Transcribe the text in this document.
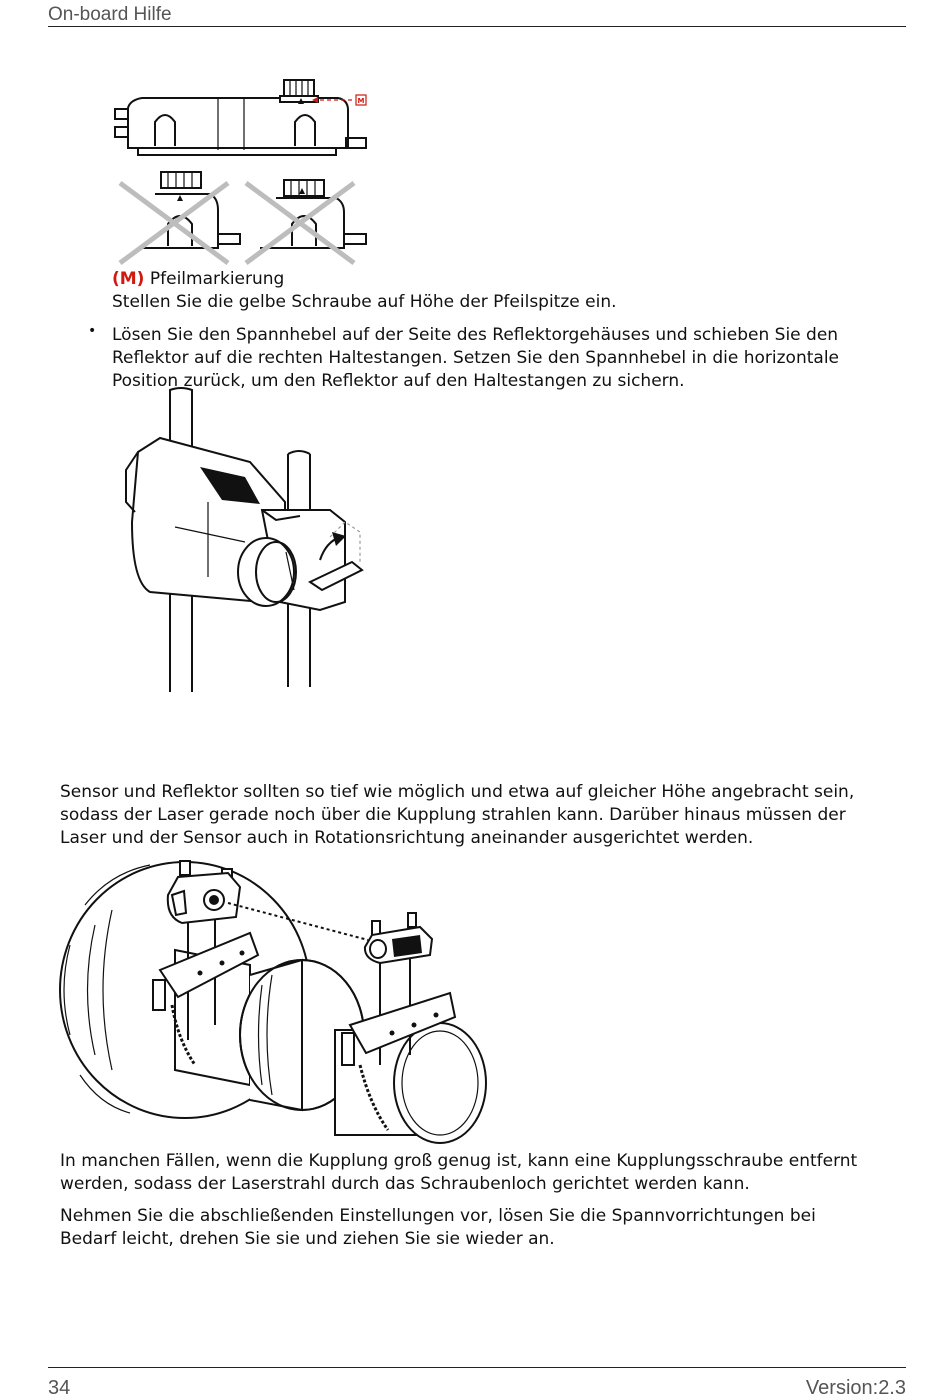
On-board Hilfe
M
(M) Pfeilmarkierung
Stellen Sie die gelbe Schraube auf Höhe der Pfeilspitze ein.
• Lösen Sie den Spannhebel auf der Seite des Reflektorgehäuses und schieben Sie den
Reflektor auf die rechten Haltestangen. Setzen Sie den Spannhebel in die horizontale
Position zurück, um den Reflektor auf den Haltestangen zu sichern.
Sensor und Reflektor sollten so tief wie möglich und etwa auf gleicher Höhe angebracht sein,
sodass der Laser gerade noch über die Kupplung strahlen kann. Darüber hinaus müssen der
Laser und der Sensor auch in Rotationsrichtung aneinander ausgerichtet werden.
In manchen Fällen, wenn die Kupplung groß genug ist, kann eine Kupplungsschraube entfernt
werden, sodass der Laserstrahl durch das Schraubenloch gerichtet werden kann.
Nehmen Sie die abschließenden Einstellungen vor, lösen Sie die Spannvorrichtungen bei
Bedarf leicht, drehen Sie sie und ziehen Sie sie wieder an.
34	Version:2.3
